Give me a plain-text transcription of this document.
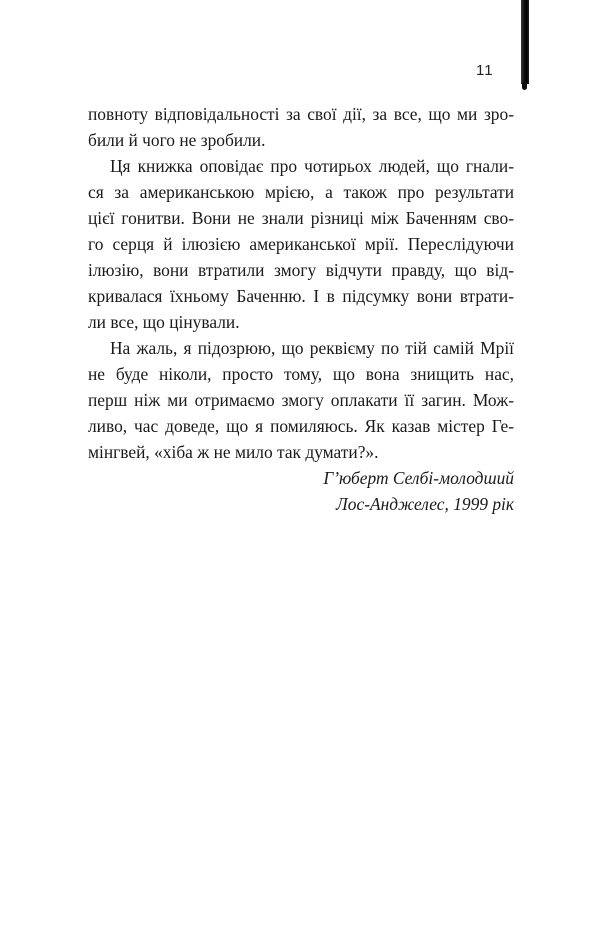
11
повноту відповідальності за свої дії, за все, що ми зро-
били й чого не зробили.
Ця книжка оповідає про чотирьох людей, що гнали-
ся за американською мрією, а також про результати
цієї гонитви. Вони не знали різниці між Баченням сво-
го серця й ілюзією американської мрії. Переслідуючи
ілюзію, вони втратили змогу відчути правду, що від-
кривалася їхньому Баченню. І в підсумку вони втрати-
ли все, що цінували.
На жаль, я підозрюю, що реквієму по тій самій Мрії
не буде ніколи, просто тому, що вона знищить нас,
перш ніж ми отримаємо змогу оплакати її загин. Мож-
ливо, час доведе, що я помиляюсь. Як казав містер Ге-
мінгвей, «хіба ж не мило так думати?».
Г’юберт Селбі-молодший
Лос-Анджелес, 1999 рік
